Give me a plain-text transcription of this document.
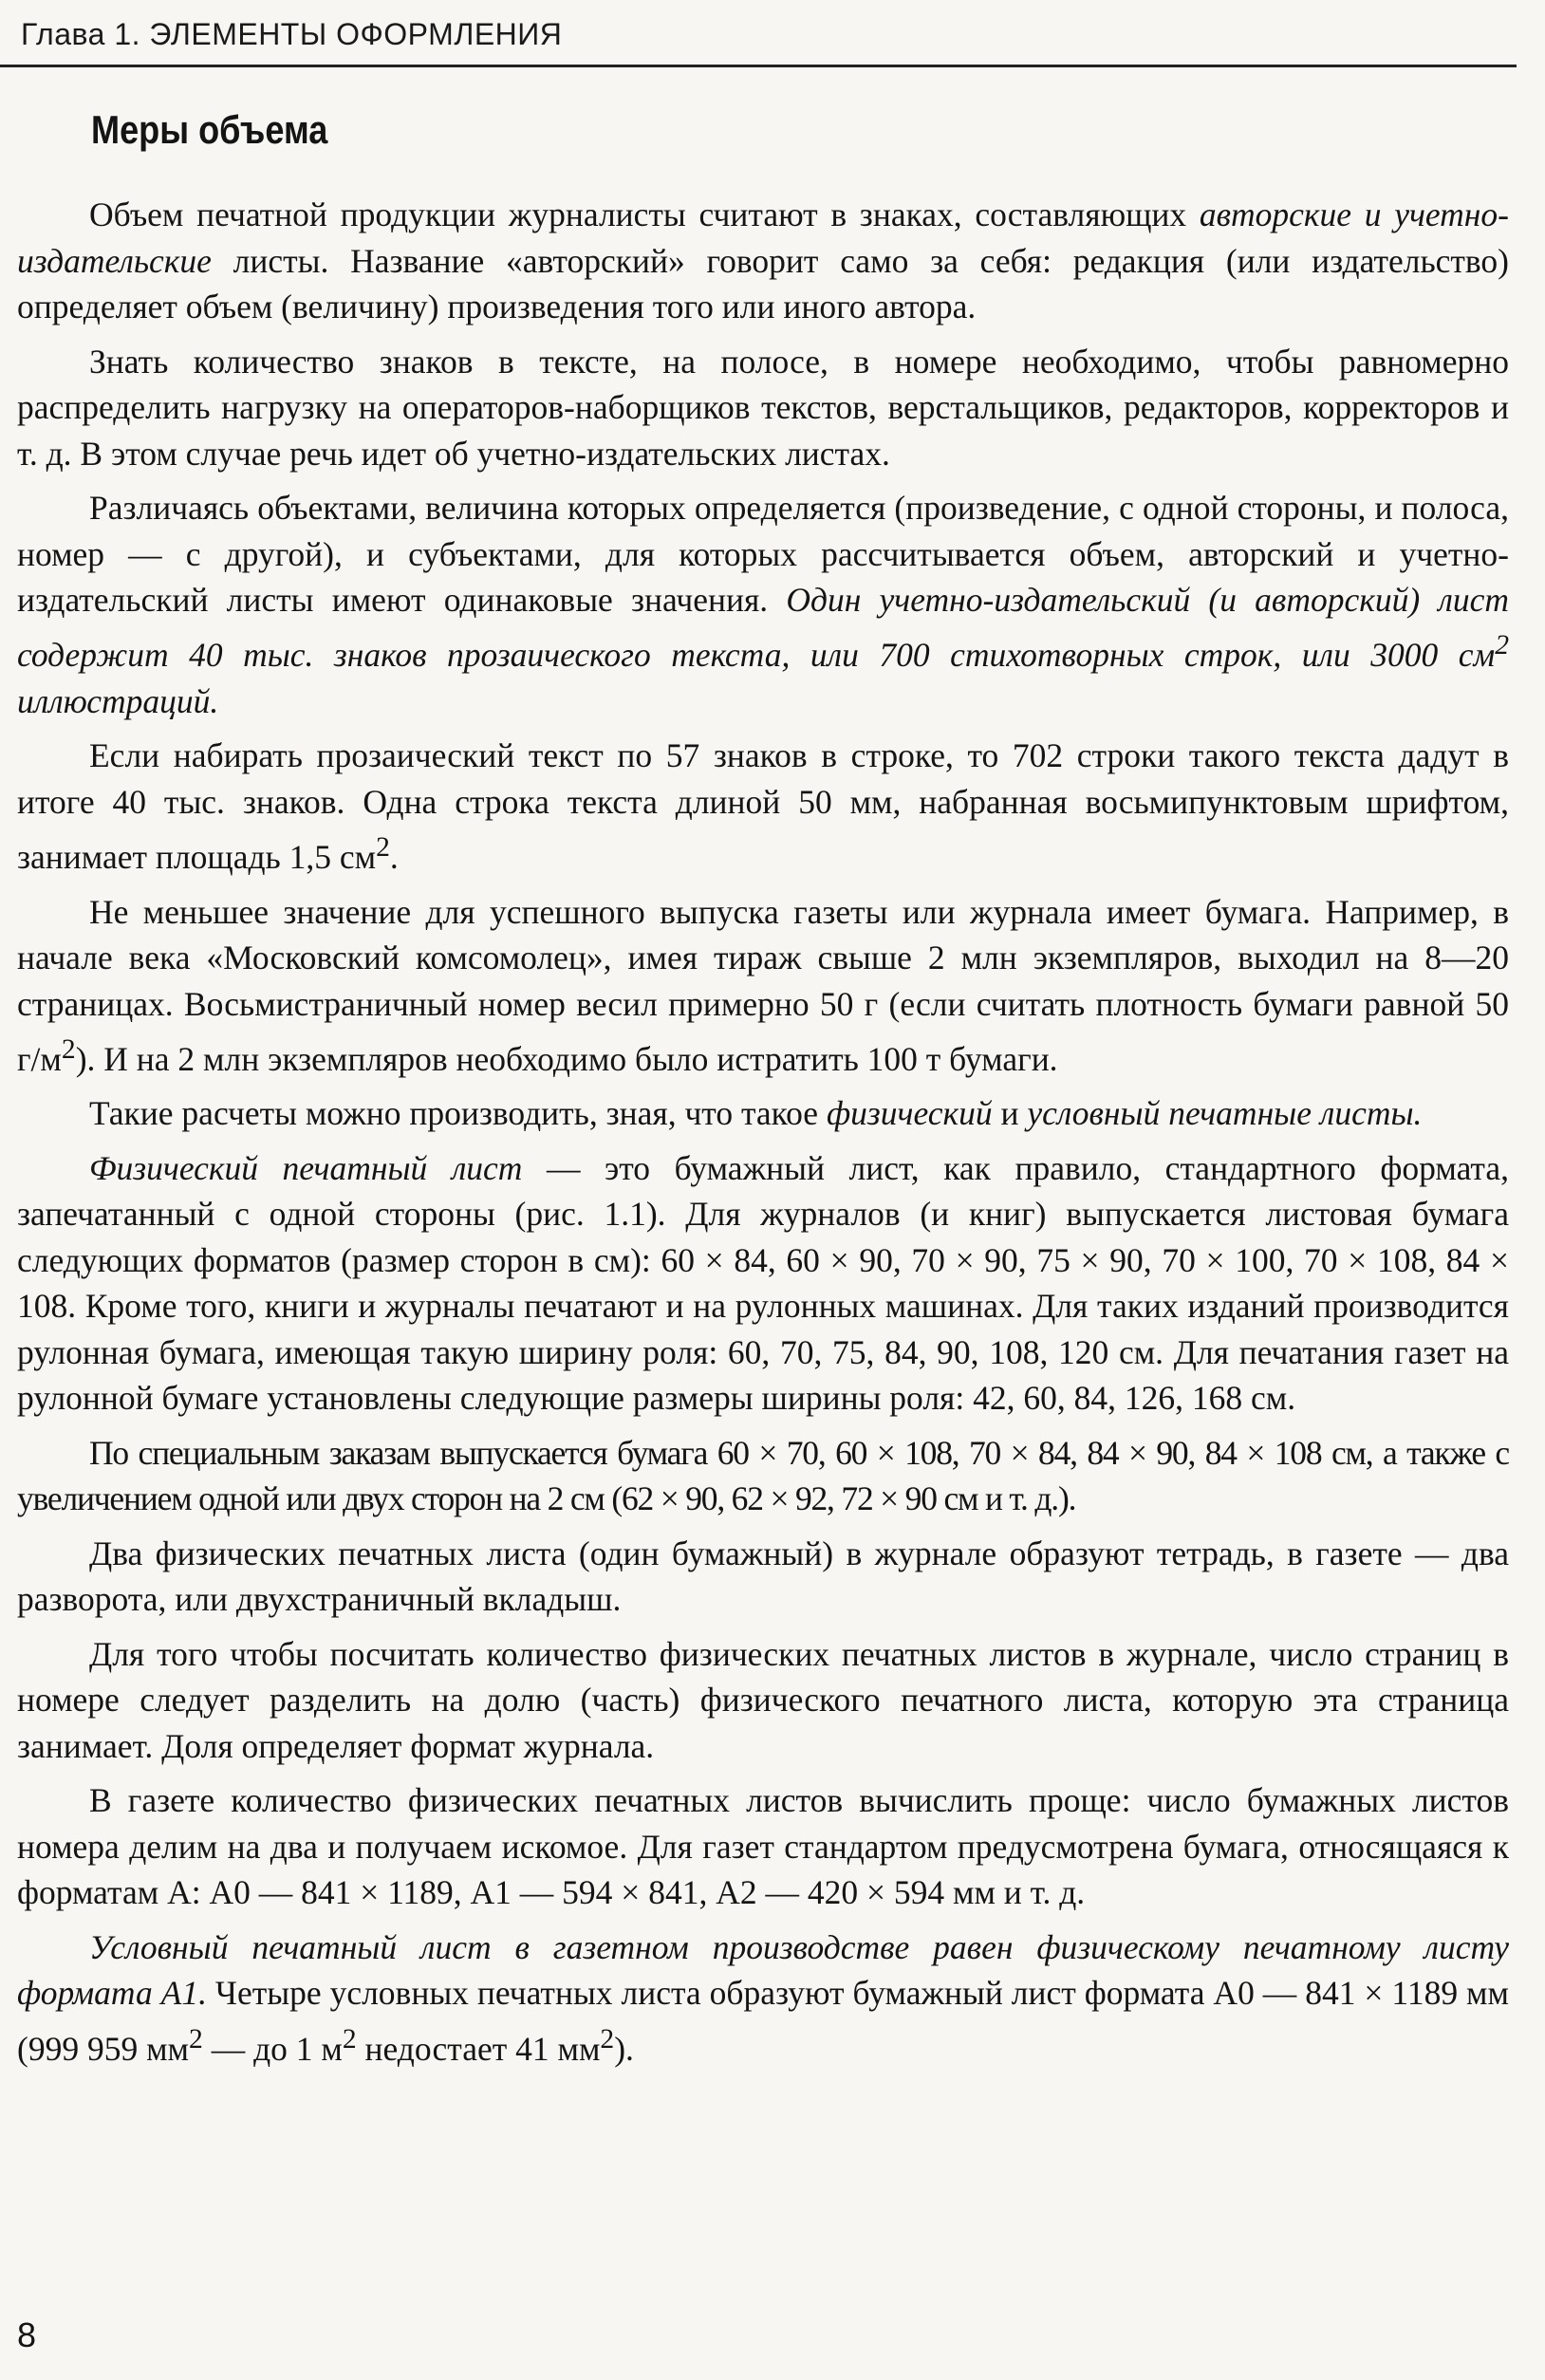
Глава 1. ЭЛЕМЕНТЫ ОФОРМЛЕНИЯ
Меры объема

Объем печатной продукции журналисты считают в знаках, составляющих авторские и учетно-издательские листы. Название «авторский» говорит само за себя: редакция (или издательство) определяет объем (величину) произведения того или иного автора.

Знать количество знаков в тексте, на полосе, в номере необходимо, чтобы равномерно распределить нагрузку на операторов-наборщиков текстов, верстальщиков, редакторов, корректоров и т. д. В этом случае речь идет об учетно-издательских листах.

Различаясь объектами, величина которых определяется (произведение, с одной стороны, и полоса, номер — с другой), и субъектами, для которых рассчитывается объем, авторский и учетно-издательский листы имеют одинаковые значения. Один учетно-издательский (и авторский) лист содержит 40 тыс. знаков прозаического текста, или 700 стихотворных строк, или 3000 $см^2$ иллюстраций.

Если набирать прозаический текст по 57 знаков в строке, то 702 строки такого текста дадут в итоге 40 тыс. знаков. Одна строка текста длиной 50 мм, набранная восьмипунктовым шрифтом, занимает площадь 1,5 $см^2$.

Не меньшее значение для успешного выпуска газеты или журнала имеет бумага. Например, в начале века «Московский комсомолец», имея тираж свыше 2 млн экземпляров, выходил на 8—20 страницах. Восьмистраничный номер весил примерно 50 г (если считать плотность бумаги равной 50 $г/м^2$). И на 2 млн экземпляров необходимо было истратить 100 т бумаги.

Такие расчеты можно производить, зная, что такое физический и условный печатные листы.

Физический печатный лист — это бумажный лист, как правило, стандартного формата, запечатанный с одной стороны (рис. 1.1). Для журналов (и книг) выпускается листовая бумага следующих форматов (размер сторон в см): 60 × 84, 60 × 90, 70 × 90, 75 × 90, 70 × 100, 70 × 108, 84 × 108. Кроме того, книги и журналы печатают и на рулонных машинах. Для таких изданий производится рулонная бумага, имеющая такую ширину роля: 60, 70, 75, 84, 90, 108, 120 см. Для печатания газет на рулонной бумаге установлены следующие размеры ширины роля: 42, 60, 84, 126, 168 см.

По специальным заказам выпускается бумага 60 × 70, 60 × 108, 70 × 84, 84 × 90, 84 × 108 см, а также с увеличением одной или двух сторон на 2 см (62 × 90, 62 × 92, 72 × 90 см и т. д.).

Два физических печатных листа (один бумажный) в журнале образуют тетрадь, в газете — два разворота, или двухстраничный вкладыш.

Для того чтобы посчитать количество физических печатных листов в журнале, число страниц в номере следует разделить на долю (часть) физического печатного листа, которую эта страница занимает. Доля определяет формат журнала.

В газете количество физических печатных листов вычислить проще: число бумажных листов номера делим на два и получаем искомое. Для газет стандартом предусмотрена бумага, относящаяся к форматам А: А0 — 841 × 1189, А1 — 594 × 841, А2 — 420 × 594 мм и т. д.

Условный печатный лист в газетном производстве равен физическому печатному листу формата А1. Четыре условных печатных листа образуют бумажный лист формата А0 — 841 × 1189 мм (999 959 $мм^2$ — до 1 $м^2$ недостает 41 $мм^2$).

8
